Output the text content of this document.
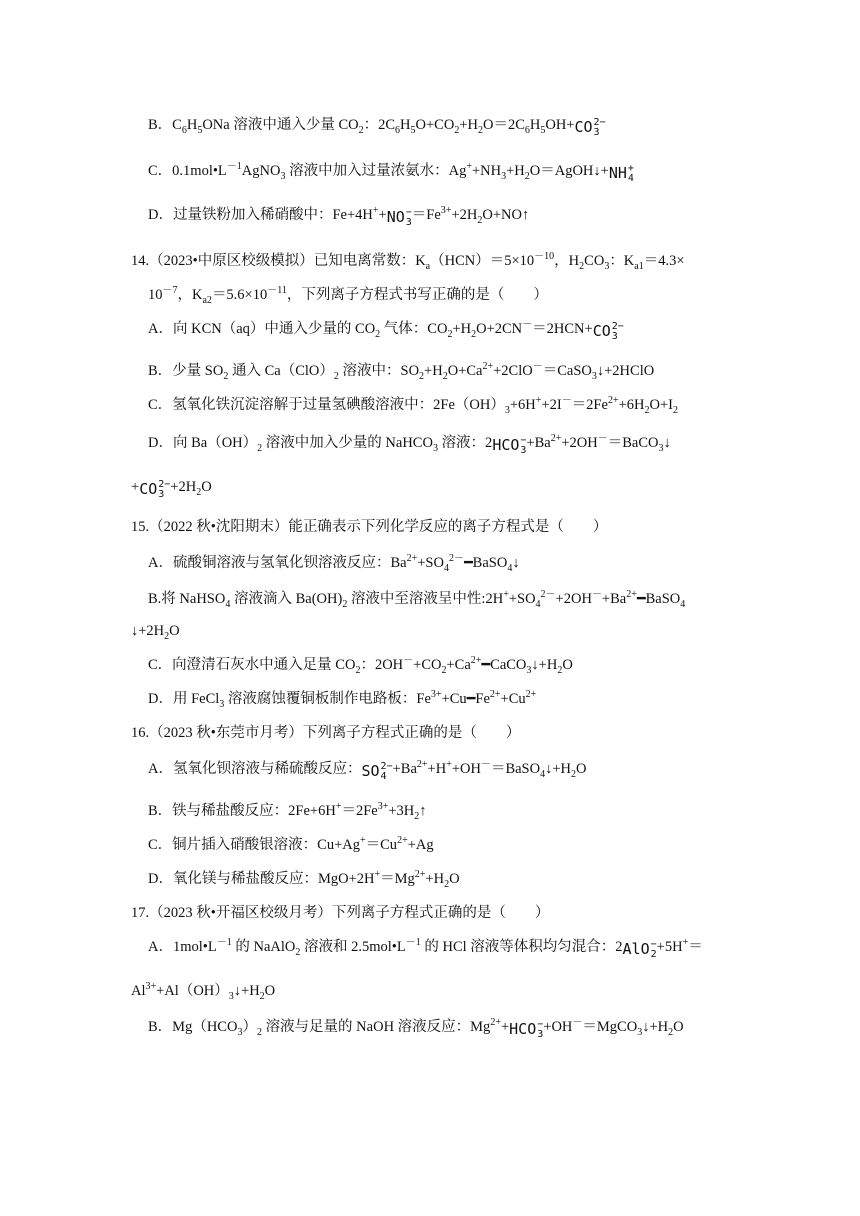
B．$C_6H_5ONa$ 溶液中通入少量 $CO_2$：$2C_6H_5O+CO_2+H_2O=2C_6H_5OH+CO$ 2−
3
C．$0.1mol•L^{-1}AgNO_3$ 溶液中加入过量浓氨水：$Ag^++NH_3+H_2O=AgOH↓+NH$ +
4
D．过量铁粉加入稀硝酸中：Fe+4H++NO −
$3 =Fe^{3+}+2H_2O+NO↑$
14.（2023•中原区校级模拟）已知电离常数：$K_a(HCN)=5\times 10^{-10}$，$H_2CO_3$：$K_{a1}=4.3\times$
$10^{-7}$，$K_{a2}=5.6\times 10^{-11}$，下列离子方程式书写正确的是（　　）
A．向 KCN（aq）中通入少量的 $CO_2$ 气体：$CO_2+H_2O+2CN^-=2HCN+CO$ 2−
3
B．少量 $SO_2$ 通入 $Ca(ClO)_2$ 溶液中：$SO_2+H_2O+Ca^{2+}+2ClO^-=CaSO_3↓+2HClO$
C．氢氧化铁沉淀溶解于过量氢碘酸溶液中：$2Fe(OH)_3+6H^++2I^-=2Fe^{2+}+6H_2O+I_2$
D．向 $Ba(OH)_2$ 溶液中加入少量的 NaHCO$_3$ 溶液：2HCO −
$3 +Ba^{2+}+2OH^-=BaCO_3↓$
+CO 2−
$3 +2H_2O$
15.（2022 秋•沈阳期末）能正确表示下列化学反应的离子方程式是（　　）
A．硫酸铜溶液与氢氧化钡溶液反应：$Ba^{2+}+SO_4^{2-}━BaSO_4↓$
B.将 NaHSO$_4$ 溶液滴入 $Ba(OH)_2$ 溶液中至溶液呈中性$:2H^++SO_4^{2-}+2OH^-+Ba^{2+}━BaSO_4$
$↓+2H_2O$
C．向澄清石灰水中通入足量 $CO_2$：$2OH^-+CO_2+Ca^{2+}━CaCO_3↓+H_2O$
D．用 FeCl$_3$ 溶液腐蚀覆铜板制作电路板：$Fe^{3+}+Cu━Fe^{2+}+Cu^{2+}$
16.（2023 秋•东莞市月考）下列离子方程式正确的是（　　）
A．氢氧化钡溶液与稀硫酸反应：SO 2−
$4 +Ba^{2+}+H^++OH^-=BaSO_4↓+H_2O$
B．铁与稀盐酸反应：$2Fe+6H^+=2Fe^{3+}+3H_2↑$
C．铜片插入硝酸银溶液：$Cu+Ag^+=Cu^{2+}+Ag$
D．氧化镁与稀盐酸反应：$MgO+2H^+=Mg^{2+}+H_2O$
17.（2023 秋•开福区校级月考）下列离子方程式正确的是（　　）
A．$1mol•L^{-1}$ 的 NaAlO$_2$ 溶液和 $2.5mol•L^{-1}$ 的 HCl 溶液等体积均匀混合：2AlO −
2 +5H+＝
$Al^{3+}+Al(OH)_3↓+H_2O$
B．$Mg(HCO_3)_2$ 溶液与足量的 NaOH 溶液反应：$Mg^{2+}+HCO$ −
$3 +OH^-=MgCO_3↓+H_2O$
